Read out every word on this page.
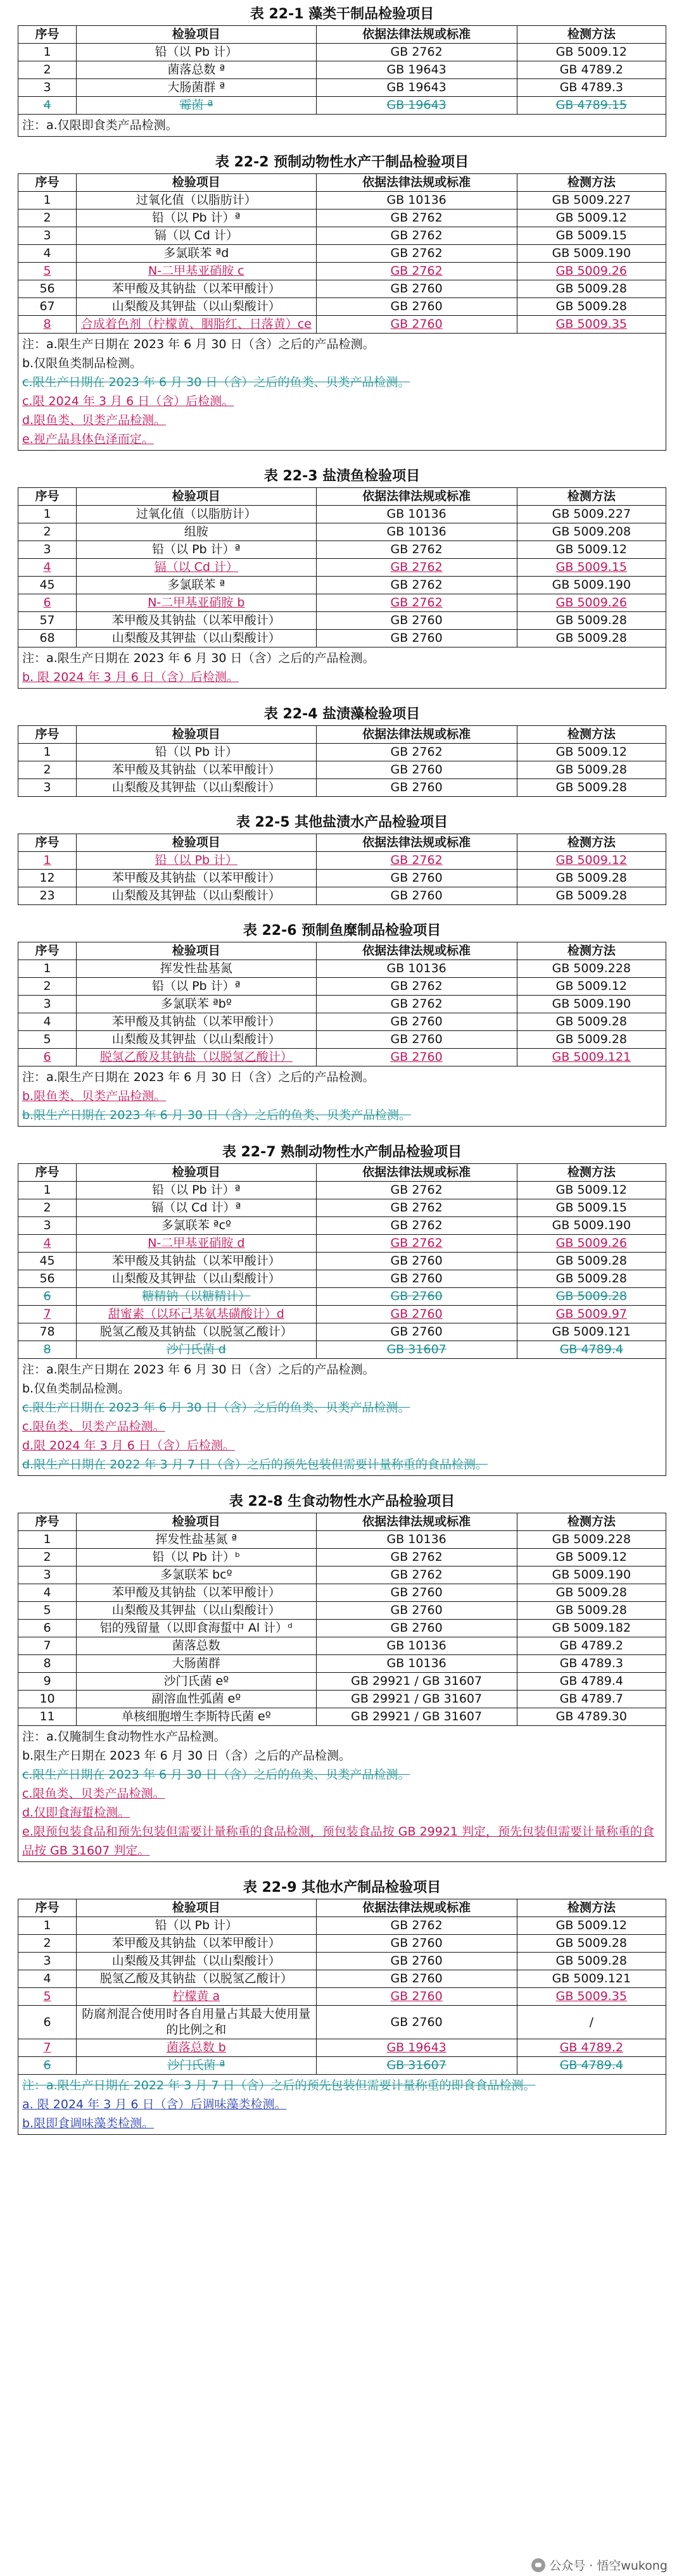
表 22-1 藻类干制品检验项目
序号	检验项目	依据法律法规或标准	检测方法
1	铅（以 Pb 计）	GB 2762	GB 5009.12
2	菌落总数 ª	GB 19643	GB 4789.2
3	大肠菌群 ª	GB 19643	GB 4789.3
4	霉菌 ª	GB 19643	GB 4789.15
注：a.仅限即食类产品检测。
表 22-2 预制动物性水产干制品检验项目
序号	检验项目	依据法律法规或标准	检测方法
1	过氧化值（以脂肪计）	GB 10136	GB 5009.227
2	铅（以 Pb 计）ª	GB 2762	GB 5009.12
3	镉（以 Cd 计）	GB 2762	GB 5009.15
4	多氯联苯 ªd	GB 2762	GB 5009.190
5	N-二甲基亚硝胺 c	GB 2762	GB 5009.26
56	苯甲酸及其钠盐（以苯甲酸计）	GB 2760	GB 5009.28
67	山梨酸及其钾盐（以山梨酸计）	GB 2760	GB 5009.28
8	合成着色剂（柠檬黄、胭脂红、日落黄）ce	GB 2760	GB 5009.35
注：a.限生产日期在 2023 年 6 月 30 日（含）之后的产品检测。
b.仅限鱼类制品检测。
c.限生产日期在 2023 年 6 月 30 日（含）之后的鱼类、贝类产品检测。
c.限 2024 年 3 月 6 日（含）后检测。
d.限鱼类、贝类产品检测。
e.视产品具体色泽而定。
表 22-3 盐渍鱼检验项目
序号	检验项目	依据法律法规或标准	检测方法
1	过氧化值（以脂肪计）	GB 10136	GB 5009.227
2	组胺	GB 10136	GB 5009.208
3	铅（以 Pb 计）ª	GB 2762	GB 5009.12
4	镉（以 Cd 计）	GB 2762	GB 5009.15
45	多氯联苯 ª	GB 2762	GB 5009.190
6	N-二甲基亚硝胺 b	GB 2762	GB 5009.26
57	苯甲酸及其钠盐（以苯甲酸计）	GB 2760	GB 5009.28
68	山梨酸及其钾盐（以山梨酸计）	GB 2760	GB 5009.28
注：a.限生产日期在 2023 年 6 月 30 日（含）之后的产品检测。
b. 限 2024 年 3 月 6 日（含）后检测。
表 22-4 盐渍藻检验项目
序号	检验项目	依据法律法规或标准	检测方法
1	铅（以 Pb 计）	GB 2762	GB 5009.12
2	苯甲酸及其钠盐（以苯甲酸计）	GB 2760	GB 5009.28
3	山梨酸及其钾盐（以山梨酸计）	GB 2760	GB 5009.28
表 22-5 其他盐渍水产品检验项目
序号	检验项目	依据法律法规或标准	检测方法
1	铅（以 Pb 计）	GB 2762	GB 5009.12
12	苯甲酸及其钠盐（以苯甲酸计）	GB 2760	GB 5009.28
23	山梨酸及其钾盐（以山梨酸计）	GB 2760	GB 5009.28
表 22-6 预制鱼糜制品检验项目
序号	检验项目	依据法律法规或标准	检测方法
1	挥发性盐基氮	GB 10136	GB 5009.228
2	铅（以 Pb 计）ª	GB 2762	GB 5009.12
3	多氯联苯 ªbº	GB 2762	GB 5009.190
4	苯甲酸及其钠盐（以苯甲酸计）	GB 2760	GB 5009.28
5	山梨酸及其钾盐（以山梨酸计）	GB 2760	GB 5009.28
6	脱氢乙酸及其钠盐（以脱氢乙酸计）	GB 2760	GB 5009.121
注：a.限生产日期在 2023 年 6 月 30 日（含）之后的产品检测。
b.限鱼类、贝类产品检测。
b.限生产日期在 2023 年 6 月 30 日（含）之后的鱼类、贝类产品检测。
表 22-7 熟制动物性水产制品检验项目
序号	检验项目	依据法律法规或标准	检测方法
1	铅（以 Pb 计）ª	GB 2762	GB 5009.12
2	镉（以 Cd 计）ª	GB 2762	GB 5009.15
3	多氯联苯 ªcº	GB 2762	GB 5009.190
4	N-二甲基亚硝胺 d	GB 2762	GB 5009.26
45	苯甲酸及其钠盐（以苯甲酸计）	GB 2760	GB 5009.28
56	山梨酸及其钾盐（以山梨酸计）	GB 2760	GB 5009.28
6	糖精钠（以糖精计）	GB 2760	GB 5009.28
7	甜蜜素（以环己基氨基磺酸计）d	GB 2760	GB 5009.97
78	脱氢乙酸及其钠盐（以脱氢乙酸计）	GB 2760	GB 5009.121
8	沙门氏菌 d	GB 31607	GB 4789.4
注：a.限生产日期在 2023 年 6 月 30 日（含）之后的产品检测。
b.仅鱼类制品检测。
c.限生产日期在 2023 年 6 月 30 日（含）之后的鱼类、贝类产品检测。
c.限鱼类、贝类产品检测。
d.限 2024 年 3 月 6 日（含）后检测。
d.限生产日期在 2022 年 3 月 7 日（含）之后的预先包装但需要计量称重的食品检测。
表 22-8 生食动物性水产品检验项目
序号	检验项目	依据法律法规或标准	检测方法
1	挥发性盐基氮 ª	GB 10136	GB 5009.228
2	铅（以 Pb 计）ᵇ	GB 2762	GB 5009.12
3	多氯联苯 bcº	GB 2762	GB 5009.190
4	苯甲酸及其钠盐（以苯甲酸计）	GB 2760	GB 5009.28
5	山梨酸及其钾盐（以山梨酸计）	GB 2760	GB 5009.28
6	铝的残留量（以即食海蜇中 Al 计）ᵈ	GB 2760	GB 5009.182
7	菌落总数	GB 10136	GB 4789.2
8	大肠菌群	GB 10136	GB 4789.3
9	沙门氏菌 eº	GB 29921 / GB 31607	GB 4789.4
10	副溶血性弧菌 eº	GB 29921 / GB 31607	GB 4789.7
11	单核细胞增生李斯特氏菌 eº	GB 29921 / GB 31607	GB 4789.30
注：a.仅腌制生食动物性水产品检测。
b.限生产日期在 2023 年 6 月 30 日（含）之后的产品检测。
c.限生产日期在 2023 年 6 月 30 日（含）之后的鱼类、贝类产品检测。
c.限鱼类、贝类产品检测。
d.仅即食海蜇检测。
e.限预包装食品和预先包装但需要计量称重的食品检测，预包装食品按 GB 29921 判定，预先包装但需要计量称重的食品按 GB 31607 判定。
表 22-9 其他水产制品检验项目
序号	检验项目	依据法律法规或标准	检测方法
1	铅（以 Pb 计）	GB 2762	GB 5009.12
2	苯甲酸及其钠盐（以苯甲酸计）	GB 2760	GB 5009.28
3	山梨酸及其钾盐（以山梨酸计）	GB 2760	GB 5009.28
4	脱氢乙酸及其钠盐（以脱氢乙酸计）	GB 2760	GB 5009.121
5	柠檬黄 a	GB 2760	GB 5009.35
6	防腐剂混合使用时各自用量占其最大使用量的比例之和	GB 2760	/
7	菌落总数 b	GB 19643	GB 4789.2
6	沙门氏菌 ª	GB 31607	GB 4789.4
注：a.限生产日期在 2022 年 3 月 7 日（含）之后的预先包装但需要计量称重的即食食品检测。
a. 限 2024 年 3 月 6 日（含）后调味藻类检测。
b.限即食调味藻类检测。
公众号 · 悟空wukong
